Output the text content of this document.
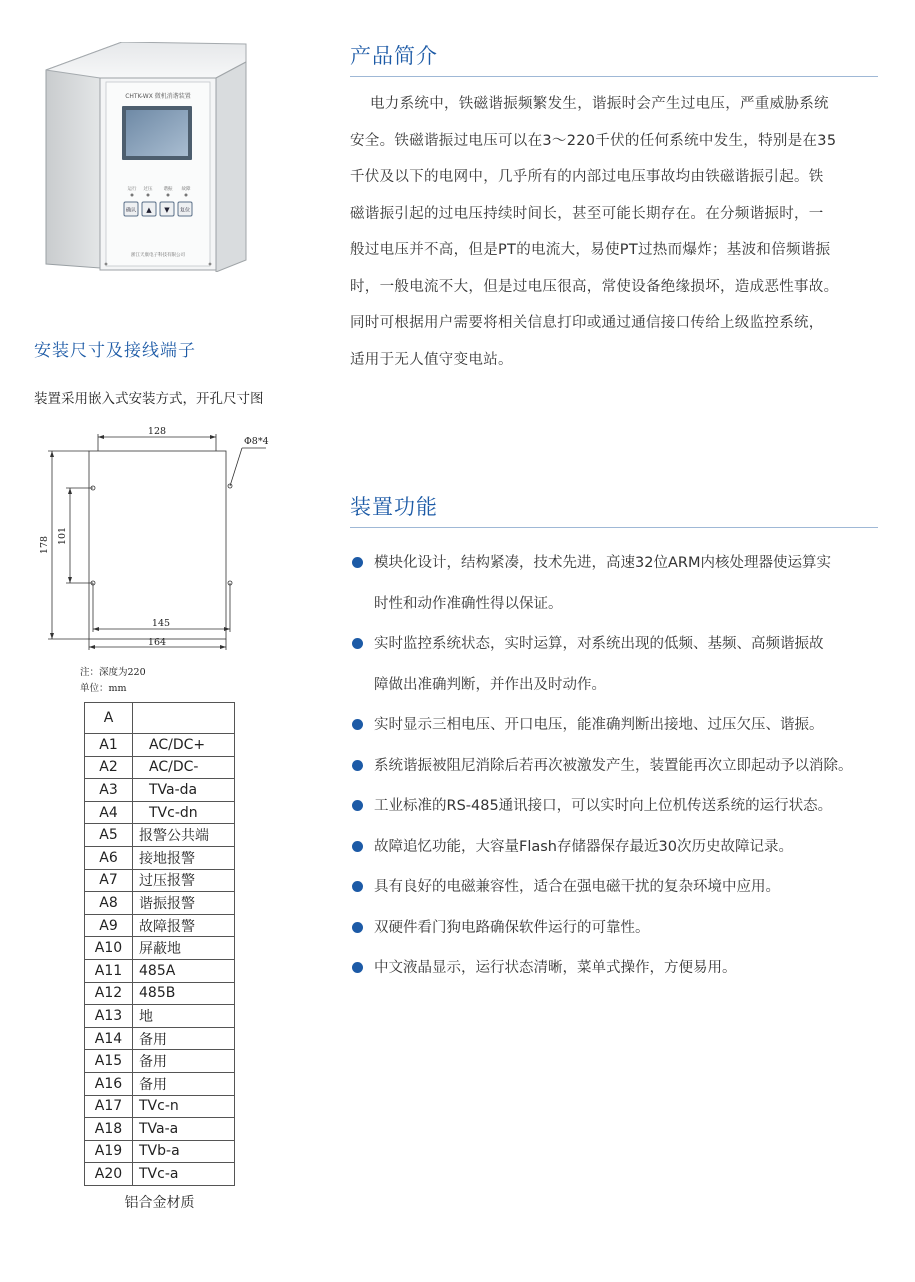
CHTK-WX 微机消谐装置
运行 过压 谐振 故障
确认 ▲ ▼ 复位
浙江天康电子科技有限公司
产品简介
电力系统中，铁磁谐振频繁发生，谐振时会产生过电压，严重威胁系统
安全。铁磁谐振过电压可以在3～220千伏的任何系统中发生，特别是在35
千伏及以下的电网中，几乎所有的内部过电压事故均由铁磁谐振引起。铁
磁谐振引起的过电压持续时间长，甚至可能长期存在。在分频谐振时，一
般过电压并不高，但是PT的电流大，易使PT过热而爆炸；基波和倍频谐振
时，一般电流不大，但是过电压很高，常使设备绝缘损坏，造成恶性事故。
同时可根据用户需要将相关信息打印或通过通信接口传给上级监控系统，
适用于无人值守变电站。
装置功能
模块化设计，结构紧凑，技术先进，高速32位ARM内核处理器使运算实
时性和动作准确性得以保证。
实时监控系统状态，实时运算，对系统出现的低频、基频、高频谐振故
障做出准确判断，并作出及时动作。
实时显示三相电压、开口电压，能准确判断出接地、过压欠压、谐振。
系统谐振被阻尼消除后若再次被激发产生，装置能再次立即起动予以消除。
工业标准的RS-485通讯接口，可以实时向上位机传送系统的运行状态。
故障追忆功能，大容量Flash存储器保存最近30次历史故障记录。
具有良好的电磁兼容性，适合在强电磁干扰的复杂环境中应用。
双硬件看门狗电路确保软件运行的可靠性。
中文液晶显示，运行状态清晰，菜单式操作，方便易用。
安装尺寸及接线端子
装置采用嵌入式安装方式，开孔尺寸图
128
Φ8*4
178 101
145
164
注：深度为220
单位：mm
A	
A1	AC/DC+
A2	AC/DC-
A3	TVa-da
A4	TVc-dn
A5	报警公共端
A6	接地报警
A7	过压报警
A8	谐振报警
A9	故障报警
A10	屏蔽地
A11	485A
A12	485B
A13	地
A14	备用
A15	备用
A16	备用
A17	TVc-n
A18	TVa-a
A19	TVb-a
A20	TVc-a
铝合金材质
